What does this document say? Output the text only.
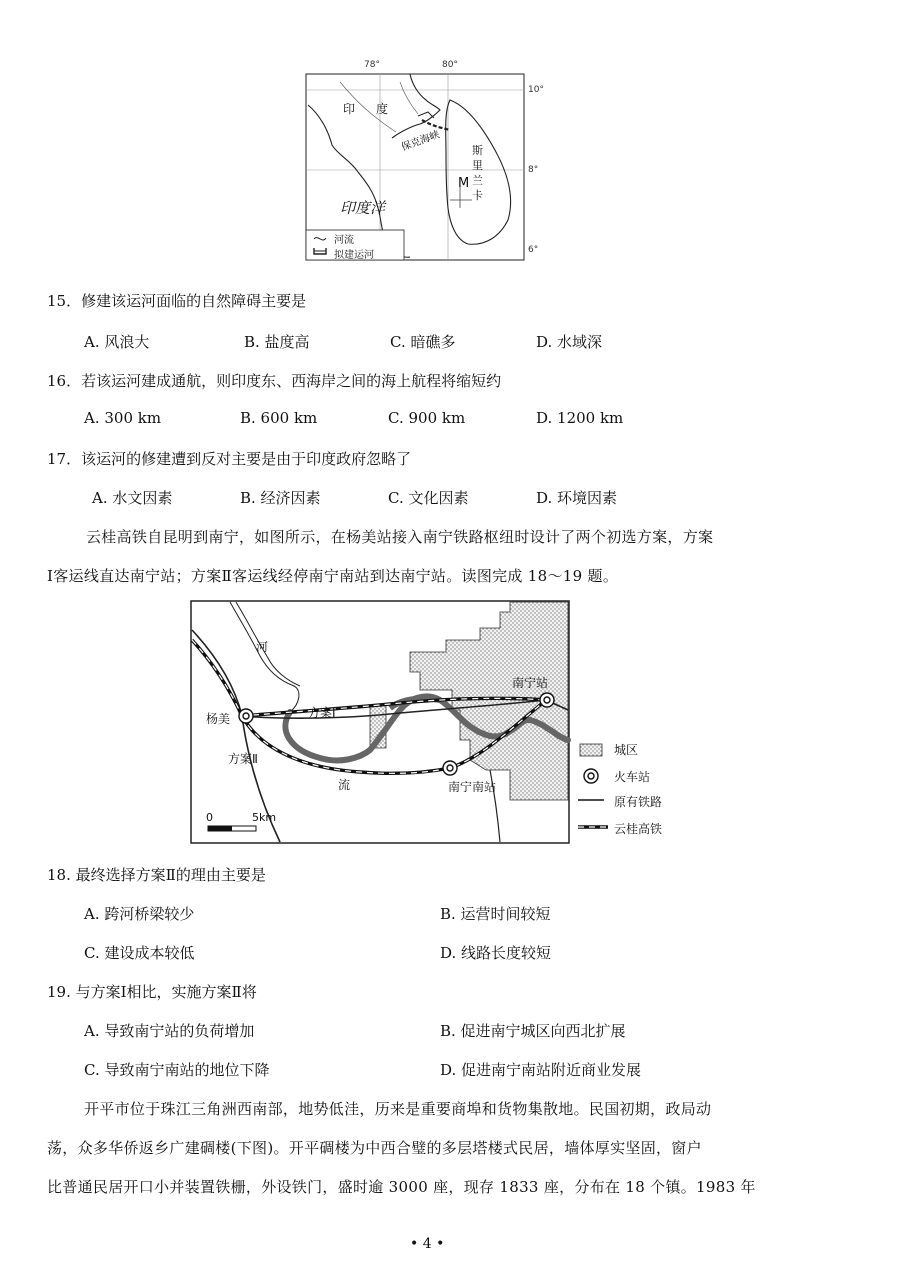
78°	80°
10°
8°
6°
印 度
保克海峡	斯
里
兰
卡
M
印度洋
河流
拟建运河
15．修建该运河面临的自然障碍主要是
A. 风浪大	B. 盐度高	C. 暗礁多	D. 水域深
16．若该运河建成通航，则印度东、西海岸之间的海上航程将缩短约
A. 300 km	B. 600 km	C. 900 km	D. 1200 km
17．该运河的修建遭到反对主要是由于印度政府忽略了
A. 水文因素	B. 经济因素	C. 文化因素	D. 环境因素
云桂高铁自昆明到南宁，如图所示，在杨美站接入南宁铁路枢纽时设计了两个初选方案，方案
Ⅰ客运线直达南宁站；方案Ⅱ客运线经停南宁南站到达南宁站。读图完成 18～19 题。
河
流
杨美	方案Ⅰ
方案Ⅱ
南宁站
南宁南站
0	5km
城区
火车站
原有铁路
云桂高铁
18. 最终选择方案Ⅱ的理由主要是
A. 跨河桥梁较少	B. 运营时间较短
C. 建设成本较低	D. 线路长度较短
19. 与方案Ⅰ相比，实施方案Ⅱ将
A. 导致南宁站的负荷增加	B. 促进南宁城区向西北扩展
C. 导致南宁南站的地位下降	D. 促进南宁南站附近商业发展
开平市位于珠江三角洲西南部，地势低洼，历来是重要商埠和货物集散地。民国初期，政局动
荡，众多华侨返乡广建碉楼(下图)。开平碉楼为中西合璧的多层塔楼式民居，墙体厚实坚固，窗户
比普通民居开口小并装置铁栅，外设铁门，盛时逾 3000 座，现存 1833 座，分布在 18 个镇。1983 年
• 4 •
